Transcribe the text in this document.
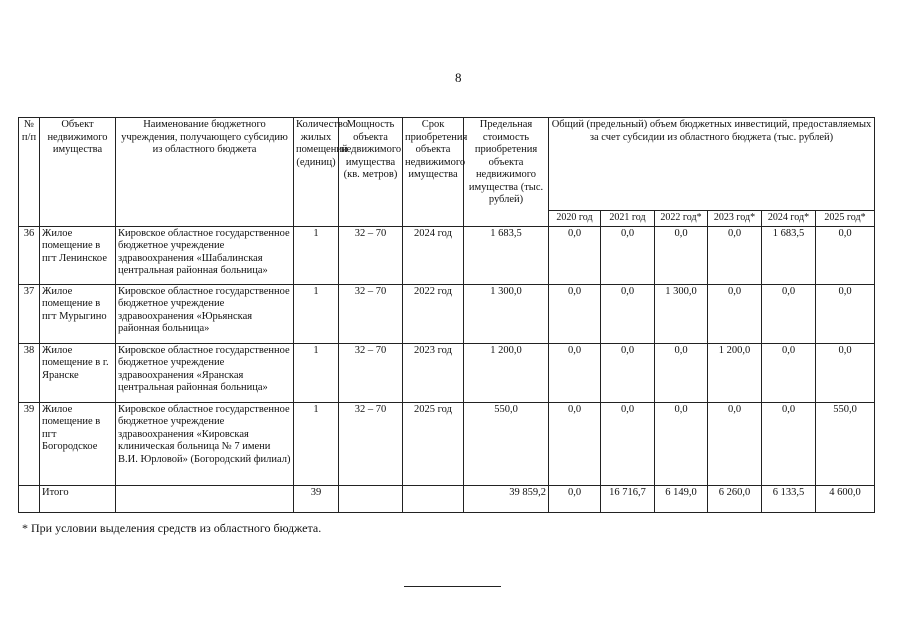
8
№ п/п	Объект недвижимого имущества	Наименование бюджетного учреждения, получающего субсидию из областного бюджета	Количество жилых помещений (единиц)	Мощность объекта недвижимого имущества (кв. метров)	Срок приобретения объекта недвижимого имущества	Предельная стоимость приобретения объекта недвижимого имущества (тыс. рублей)	Общий (предельный) объем бюджетных инвестиций, предоставляемых за счет субсидии из областного бюджета (тыс. рублей)					
							2020 год	2021 год	2022 год*	2023 год*	2024 год*	2025 год*
36	Жилое помещение в пгт Ленинское	Кировское областное государственное бюджетное учреждение здравоохранения «Шабалинская центральная районная больница»	1	32 – 70	2024 год	1 683,5	0,0	0,0	0,0	0,0	1 683,5	0,0
37	Жилое помещение в пгт Мурыгино	Кировское областное государственное бюджетное учреждение здравоохранения «Юрьянская районная больница»	1	32 – 70	2022 год	1 300,0	0,0	0,0	1 300,0	0,0	0,0	0,0
38	Жилое помещение в г. Яранске	Кировское областное государственное бюджетное учреждение здравоохранения «Яранская центральная районная больница»	1	32 – 70	2023 год	1 200,0	0,0	0,0	0,0	1 200,0	0,0	0,0
39	Жилое помещение в пгт Богородское	Кировское областное государственное бюджетное учреждение здравоохранения «Кировская клиническая больница № 7 имени В.И. Юрловой» (Богородский филиал)	1	32 – 70	2025 год	550,0	0,0	0,0	0,0	0,0	0,0	550,0
	Итого		39			39 859,2	0,0	16 716,7	6 149,0	6 260,0	6 133,5	4 600,0
* При условии выделения средств из областного бюджета.
